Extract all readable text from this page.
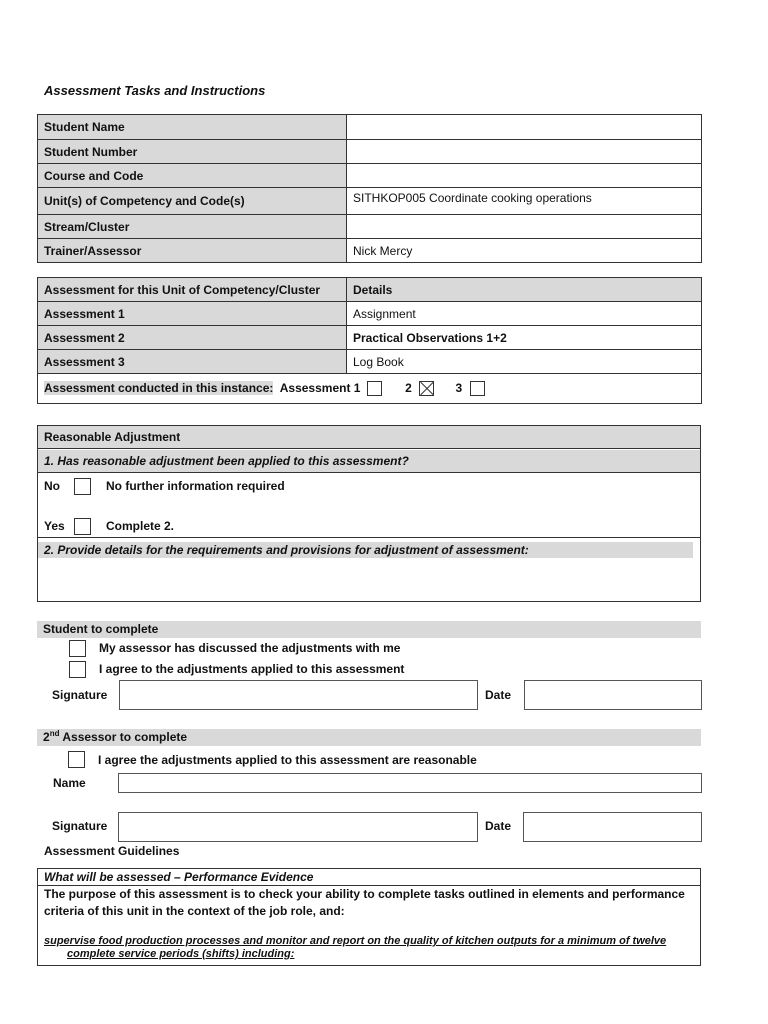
Assessment Tasks and Instructions
Student Name	
Student Number	
Course and Code	
Unit(s) of Competency and Code(s)	SITHKOP005 Coordinate cooking operations
Stream/Cluster	
Trainer/Assessor	Nick Mercy
Assessment for this Unit of Competency/Cluster	Details
Assessment 1	Assignment
Assessment 2	Practical Observations 1+2
Assessment 3	Log Book
Assessment conducted in this instance: Assessment 1 2 3	
Reasonable Adjustment
1. Has reasonable adjustment been applied to this assessment?
No	No further information required
Yes	Complete 2.
2. Provide details for the requirements and provisions for adjustment of assessment:
Student to complete
My assessor has discussed the adjustments with me
I agree to the adjustments applied to this assessment
Signature	Date
2nd Assessor to complete
I agree the adjustments applied to this assessment are reasonable
Name
Signature	Date
Assessment Guidelines
What will be assessed – Performance Evidence
The purpose of this assessment is to check your ability to complete tasks outlined in elements and performance
criteria of this unit in the context of the job role, and:
supervise food production processes and monitor and report on the quality of kitchen outputs for a minimum of twelve
complete service periods (shifts) including:
